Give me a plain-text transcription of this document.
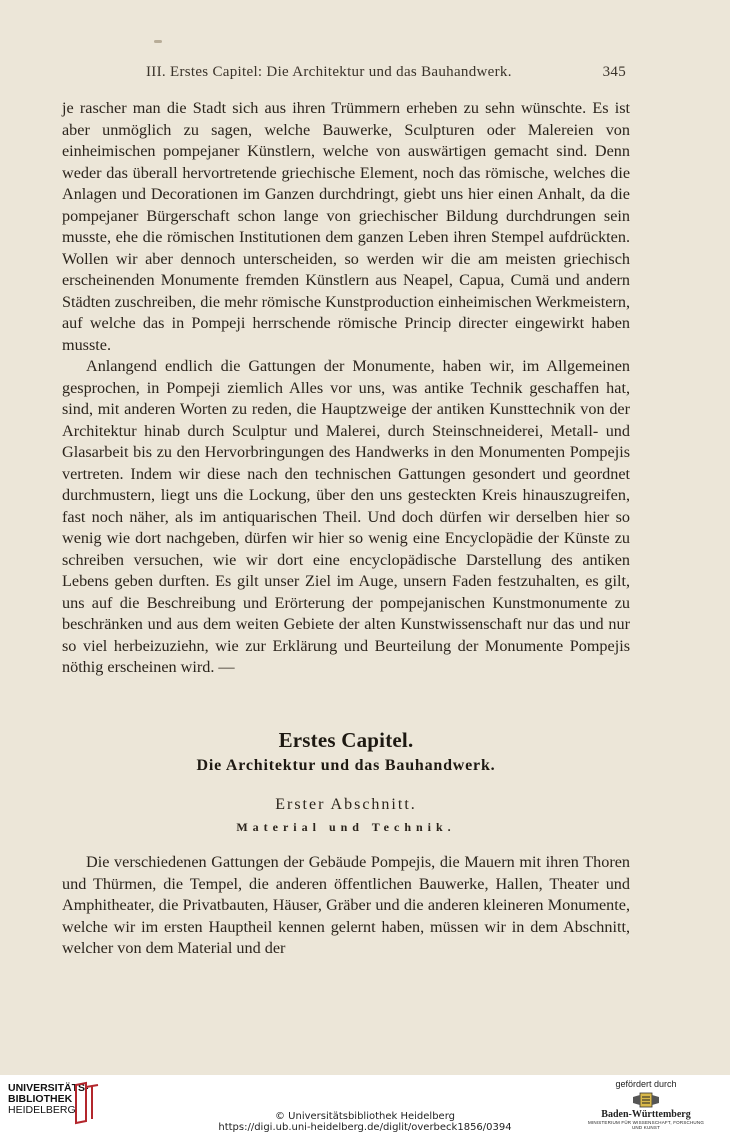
III. Erstes Capitel: Die Architektur und das Bauhandwerk.	345

je rascher man die Stadt sich aus ihren Trümmern erheben zu sehn wünschte. Es ist aber unmöglich zu sagen, welche Bauwerke, Sculpturen oder Malereien von einheimischen pompejaner Künstlern, welche von auswärtigen gemacht sind. Denn weder das überall hervortretende griechische Element, noch das römische, welches die Anlagen und Decorationen im Ganzen durchdringt, giebt uns hier einen Anhalt, da die pompejaner Bürgerschaft schon lange von griechischer Bildung durchdrungen sein musste, ehe die römischen Institutionen dem ganzen Leben ihren Stempel aufdrückten. Wollen wir aber dennoch unterscheiden, so werden wir die am meisten griechisch erscheinenden Monumente fremden Künstlern aus Neapel, Capua, Cumä und andern Städten zuschreiben, die mehr römische Kunstproduction einheimischen Werkmeistern, auf welche das in Pompeji herrschende römische Princip directer eingewirkt haben musste.

Anlangend endlich die Gattungen der Monumente, haben wir, im Allgemeinen gesprochen, in Pompeji ziemlich Alles vor uns, was antike Technik geschaffen hat, sind, mit anderen Worten zu reden, die Hauptzweige der antiken Kunsttechnik von der Architektur hinab durch Sculptur und Malerei, durch Steinschneiderei, Metall- und Glasarbeit bis zu den Hervorbringungen des Handwerks in den Monumenten Pompejis vertreten. Indem wir diese nach den technischen Gattungen gesondert und geordnet durchmustern, liegt uns die Lockung, über den uns gesteckten Kreis hinauszugreifen, fast noch näher, als im antiquarischen Theil. Und doch dürfen wir derselben hier so wenig wie dort nachgeben, dürfen wir hier so wenig eine Encyclopädie der Künste zu schreiben versuchen, wie wir dort eine encyclopädische Darstellung des antiken Lebens geben durften. Es gilt unser Ziel im Auge, unsern Faden festzuhalten, es gilt, uns auf die Beschreibung und Erörterung der pompejanischen Kunstmonumente zu beschränken und aus dem weiten Gebiete der alten Kunstwissenschaft nur das und nur so viel herbeizuziehn, wie zur Erklärung und Beurteilung der Monumente Pompejis nöthig erscheinen wird. —

Erstes Capitel.
Die Architektur und das Bauhandwerk.
Erster Abschnitt.
Material und Technik.

Die verschiedenen Gattungen der Gebäude Pompejis, die Mauern mit ihren Thoren und Thürmen, die Tempel, die anderen öffentlichen Bauwerke, Hallen, Theater und Amphitheater, die Privatbauten, Häuser, Gräber und die anderen kleineren Monumente, welche wir im ersten Hauptheil kennen gelernt haben, müssen wir in dem Abschnitt, welcher von dem Material und der

UNIVERSITÄTS-
BIBLIOTHEK
HEIDELBERG
© Universitätsbibliothek Heidelberg
https://digi.ub.uni-heidelberg.de/diglit/overbeck1856/0394
gefördert durch
Baden-Württemberg
MINISTERIUM FÜR WISSENSCHAFT, FORSCHUNG UND KUNST
